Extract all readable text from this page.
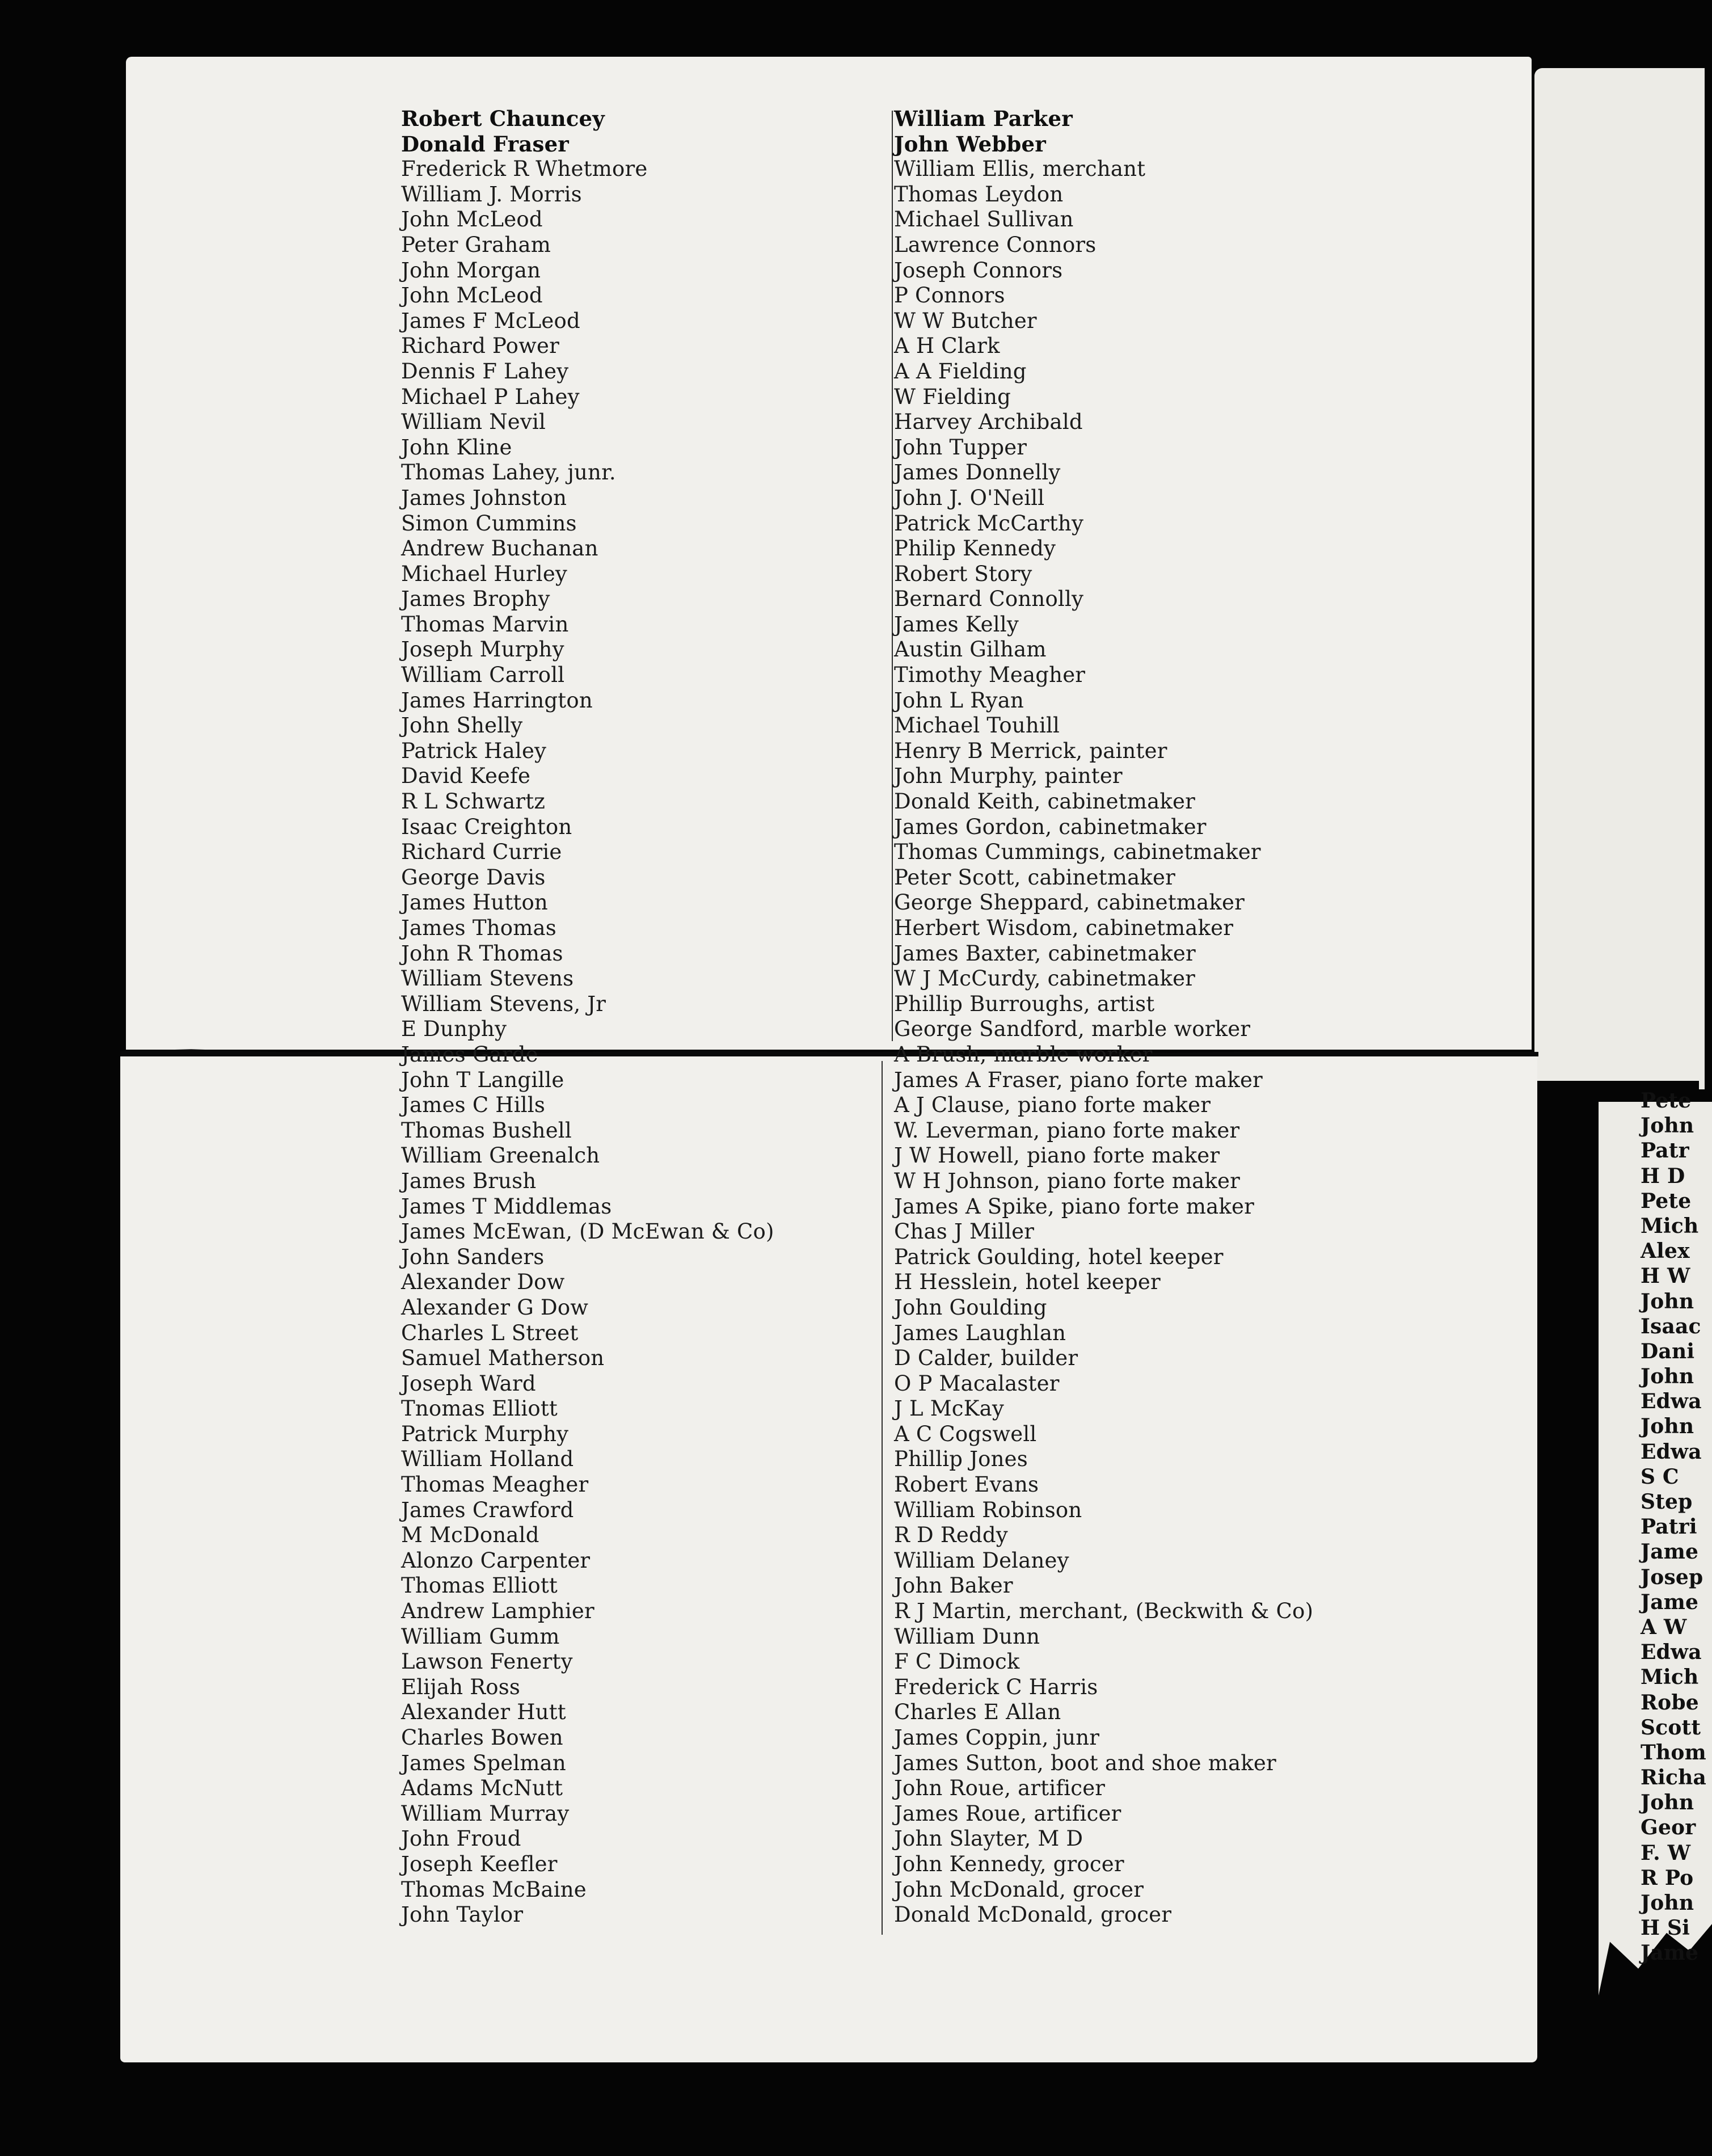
Robert Chauncey
Donald Fraser
Frederick R Whetmore
William J. Morris
John McLeod
Peter Graham
John Morgan
John McLeod
James F McLeod
Richard Power
Dennis F Lahey
Michael P Lahey
William Nevil
John Kline
Thomas Lahey, junr.
James Johnston
Simon Cummins
Andrew Buchanan
Michael Hurley
James Brophy
Thomas Marvin
Joseph Murphy
William Carroll
James Harrington
John Shelly
Patrick Haley
David Keefe
R L Schwartz
Isaac Creighton
Richard Currie
George Davis
James Hutton
James Thomas
John R Thomas
William Stevens
William Stevens, Jr
E Dunphy
James Garde
John T Langille
James C Hills
Thomas Bushell
William Greenalch
James Brush
James T Middlemas
James McEwan, (D McEwan & Co)
John Sanders
Alexander Dow
Alexander G Dow
Charles L Street
Samuel Matherson
Joseph Ward
Tnomas Elliott
Patrick Murphy
William Holland
Thomas Meagher
James Crawford
M McDonald
Alonzo Carpenter
Thomas Elliott
Andrew Lamphier
William Gumm
Lawson Fenerty
Elijah Ross
Alexander Hutt
Charles Bowen
James Spelman
Adams McNutt
William Murray
John Froud
Joseph Keefler
Thomas McBaine
John Taylor
William Parker
John Webber
William Ellis, merchant
Thomas Leydon
Michael Sullivan
Lawrence Connors
Joseph Connors
P Connors
W W Butcher
A H Clark
A A Fielding
W Fielding
Harvey Archibald
John Tupper
James Donnelly
John J. O'Neill
Patrick McCarthy
Philip Kennedy
Robert Story
Bernard Connolly
James Kelly
Austin Gilham
Timothy Meagher
John L Ryan
Michael Touhill
Henry B Merrick, painter
John Murphy, painter
Donald Keith, cabinetmaker
James Gordon, cabinetmaker
Thomas Cummings, cabinetmaker
Peter Scott, cabinetmaker
George Sheppard, cabinetmaker
Herbert Wisdom, cabinetmaker
James Baxter, cabinetmaker
W J McCurdy, cabinetmaker
Phillip Burroughs, artist
George Sandford, marble worker
A Brush, marble worker
James A Fraser, piano forte maker
A J Clause, piano forte maker
W. Leverman, piano forte maker
J W Howell, piano forte maker
W H Johnson, piano forte maker
James A Spike, piano forte maker
Chas J Miller
Patrick Goulding, hotel keeper
H Hesslein, hotel keeper
John Goulding
James Laughlan
D Calder, builder
O P Macalaster
J L McKay
A C Cogswell
Phillip Jones
Robert Evans
William Robinson
R D Reddy
William Delaney
John Baker
R J Martin, merchant, (Beckwith & Co)
William Dunn
F C Dimock
Frederick C Harris
Charles E Allan
James Coppin, junr
James Sutton, boot and shoe maker
John Roue, artificer
James Roue, artificer
John Slayter, M D
John Kennedy, grocer
John McDonald, grocer
Donald McDonald, grocer
Pete
John
Patr
H D
Pete
Mich
Alex
H W
John
Isaac
Dani
John
Edwa
John
Edwa
S C
Step
Patri
Jame
Josep
Jame
A W
Edwa
Mich
Robe
Scott
Thom
Richa
John
Geor
F. W
R Po
John
H Si
Jame
